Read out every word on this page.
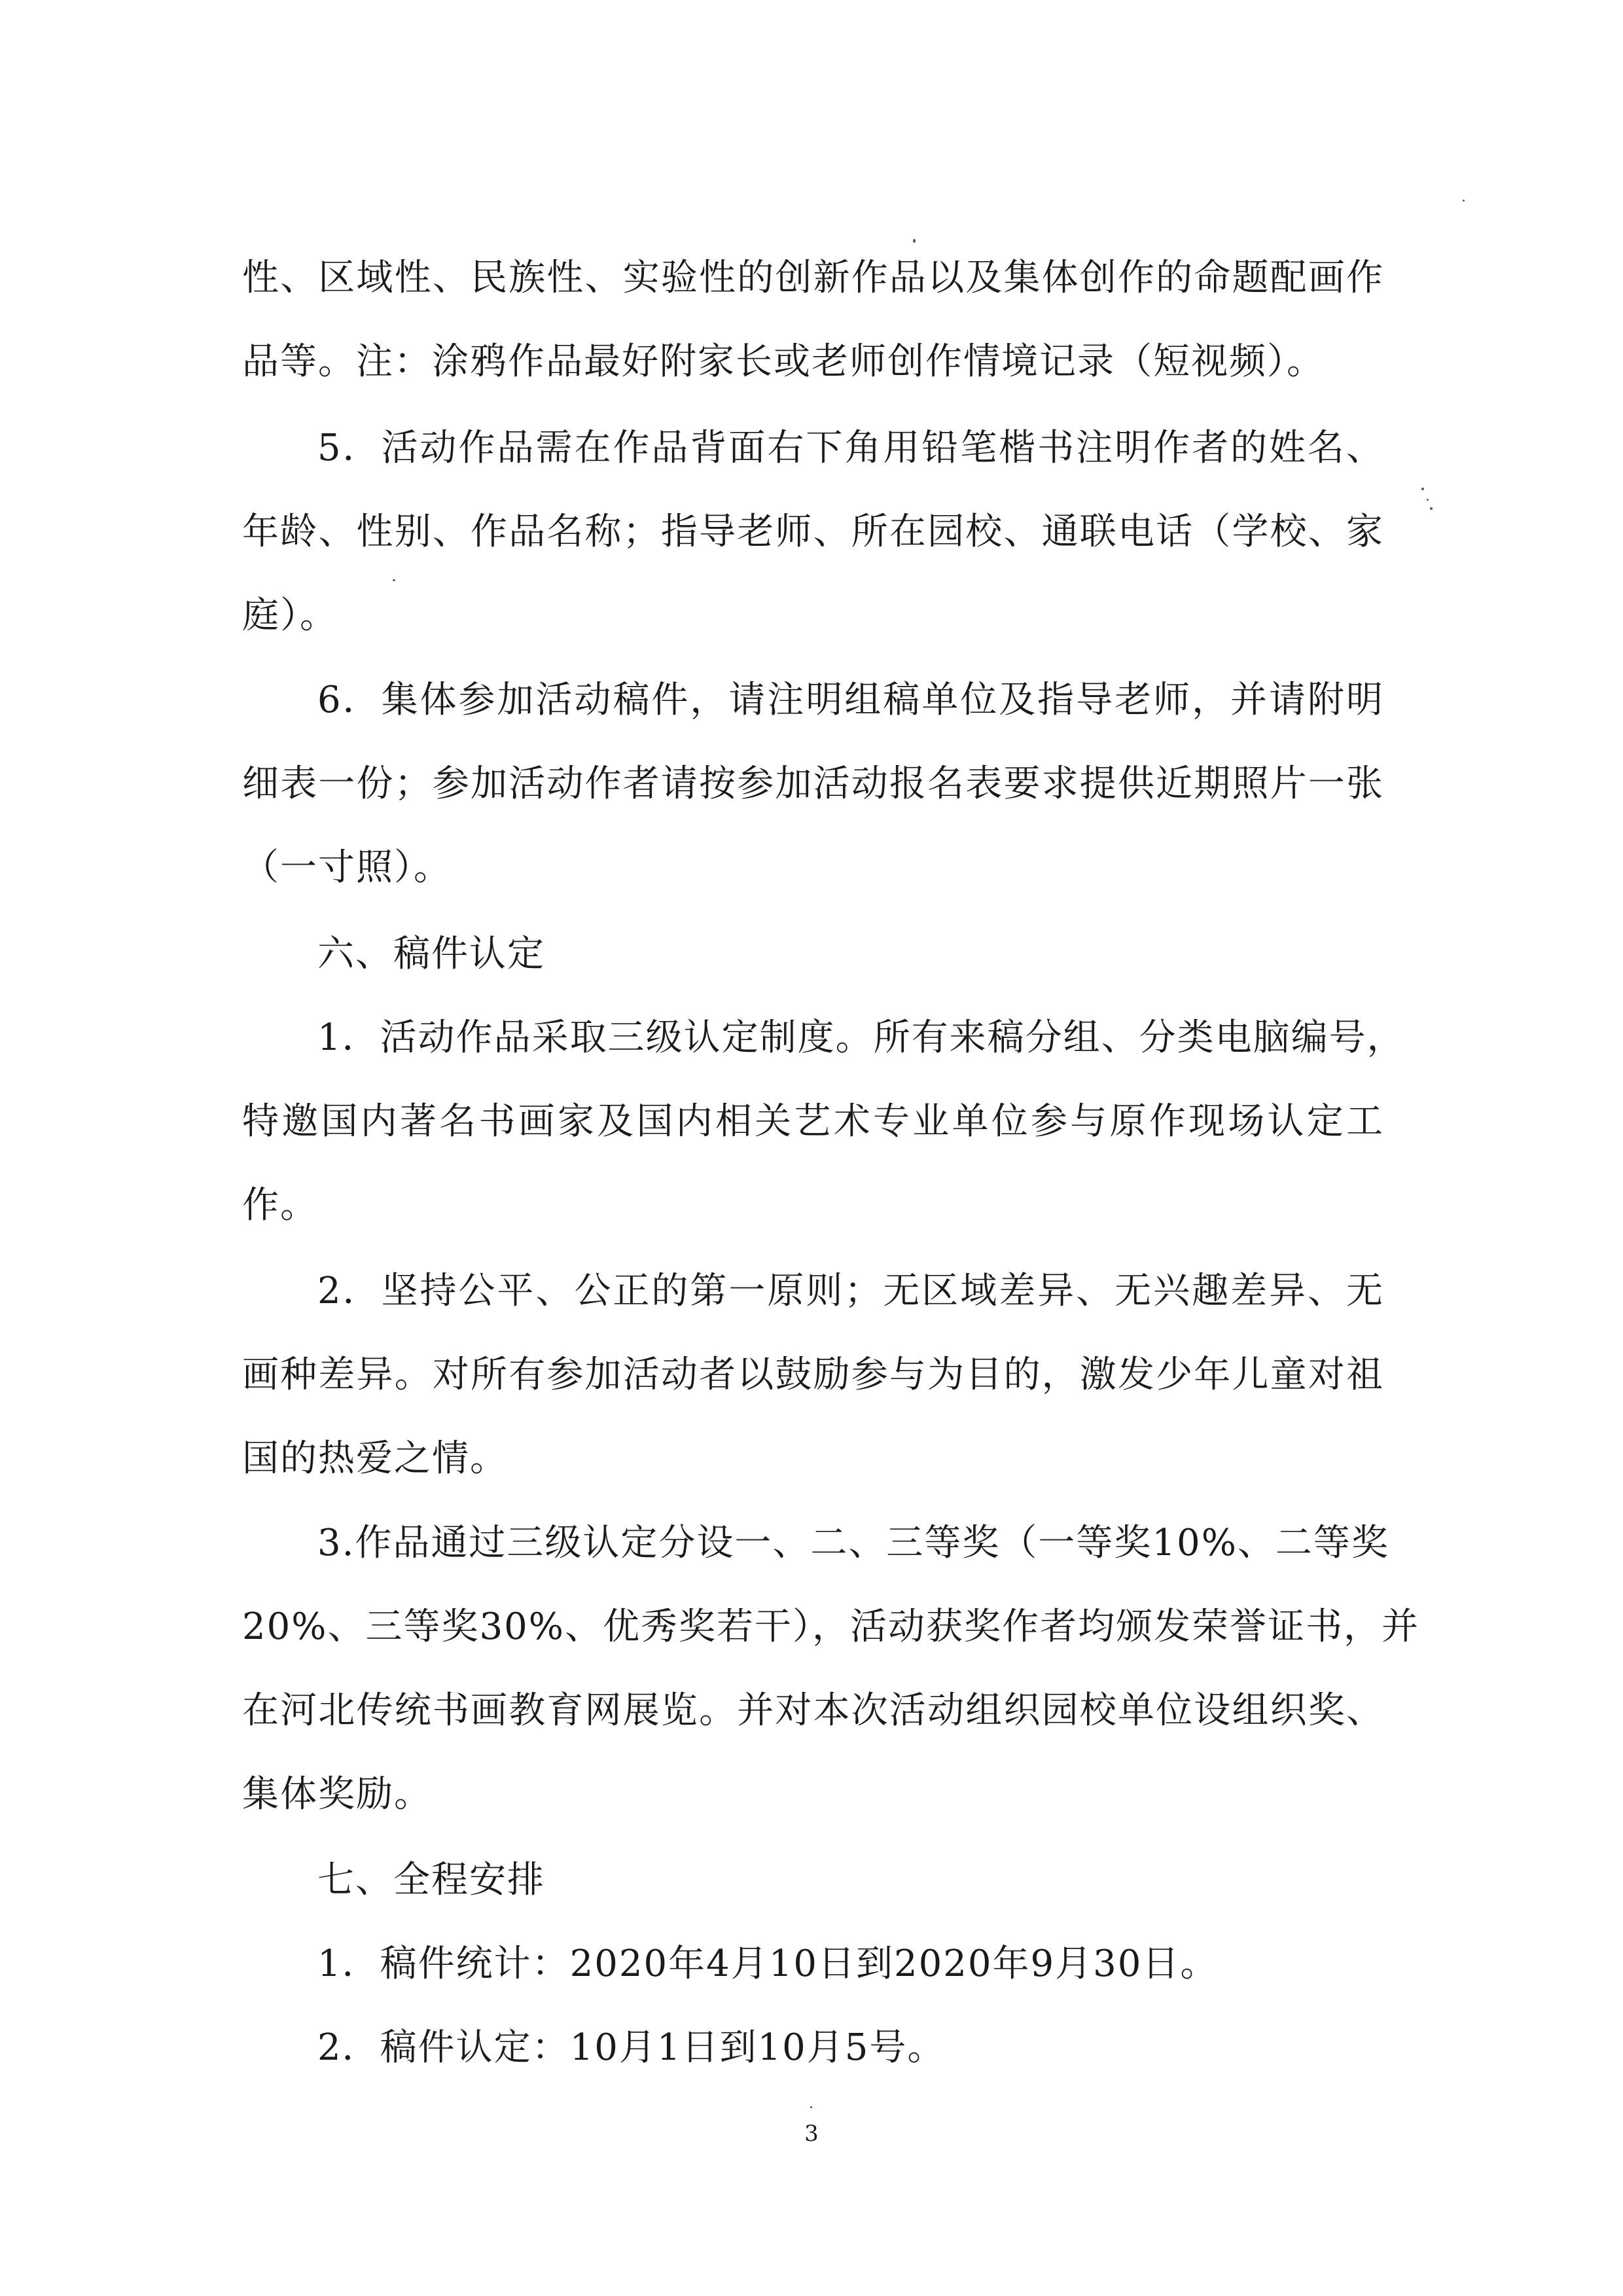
性、区域性、民族性、实验性的创新作品以及集体创作的命题配画作
品等。注：涂鸦作品最好附家长或老师创作情境记录（短视频）。
5．活动作品需在作品背面右下角用铅笔楷书注明作者的姓名、
年龄、性别、作品名称；指导老师、所在园校、通联电话（学校、家
庭）。
6．集体参加活动稿件，请注明组稿单位及指导老师，并请附明
细表一份；参加活动作者请按参加活动报名表要求提供近期照片一张
（一寸照）。
六、稿件认定
1．活动作品采取三级认定制度。所有来稿分组、分类电脑编号，
特邀国内著名书画家及国内相关艺术专业单位参与原作现场认定工
作。
2．坚持公平、公正的第一原则；无区域差异、无兴趣差异、无
画种差异。对所有参加活动者以鼓励参与为目的，激发少年儿童对祖
国的热爱之情。
3.作品通过三级认定分设一、二、三等奖（一等奖10%、二等奖
20%、三等奖30%、优秀奖若干），活动获奖作者均颁发荣誉证书，并
在河北传统书画教育网展览。并对本次活动组织园校单位设组织奖、
集体奖励。
七、全程安排
1．稿件统计：2020年4月10日到2020年9月30日。
2．稿件认定：10月1日到10月5号。
3
